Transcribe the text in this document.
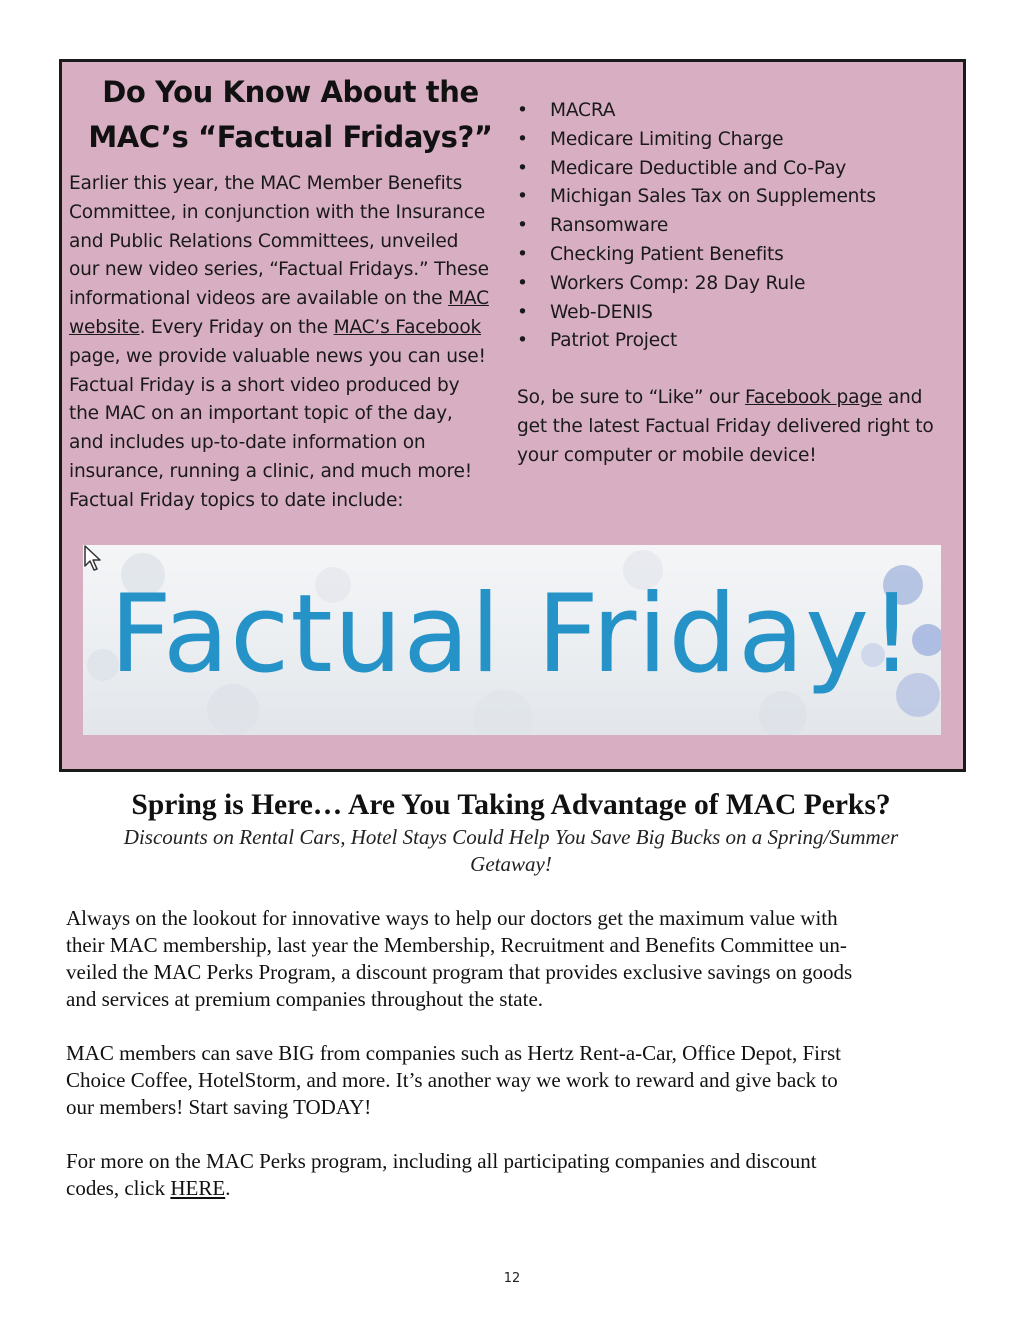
Do You Know About the
MAC’s “Factual Fridays?”
Earlier this year, the MAC Member Benefits
Committee, in conjunction with the Insurance
and Public Relations Committees, unveiled
our new video series, “Factual Fridays.” These
informational videos are available on the MAC
website. Every Friday on the MAC’s Facebook
page, we provide valuable news you can use!
Factual Friday is a short video produced by
the MAC on an important topic of the day,
and includes up-to-date information on
insurance, running a clinic, and much more!
Factual Friday topics to date include:
• MACRA
• Medicare Limiting Charge
• Medicare Deductible and Co-Pay
• Michigan Sales Tax on Supplements
• Ransomware
• Checking Patient Benefits
• Workers Comp: 28 Day Rule
• Web-DENIS
• Patriot Project
So, be sure to “Like” our Facebook page and
get the latest Factual Friday delivered right to
your computer or mobile device!
Factual Friday!
Spring is Here… Are You Taking Advantage of MAC Perks?
Discounts on Rental Cars, Hotel Stays Could Help You Save Big Bucks on a Spring/Summer
Getaway!

Always on the lookout for innovative ways to help our doctors get the maximum value with
their MAC membership, last year the Membership, Recruitment and Benefits Committee un-
veiled the MAC Perks Program, a discount program that provides exclusive savings on goods
and services at premium companies throughout the state.

MAC members can save BIG from companies such as Hertz Rent-a-Car, Office Depot, First
Choice Coffee, HotelStorm, and more. It’s another way we work to reward and give back to
our members! Start saving TODAY!

For more on the MAC Perks program, including all participating companies and discount
codes, click HERE.

12
